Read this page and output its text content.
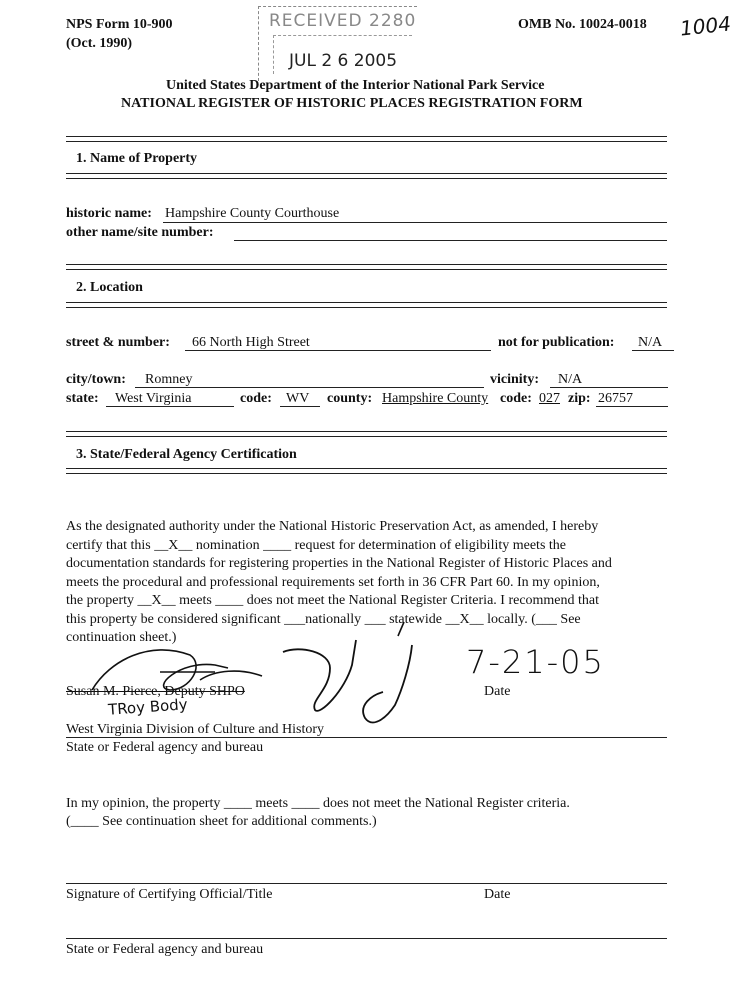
NPS Form 10-900
(Oct. 1990)
OMB No. 10024-0018 1004
RECEIVED 2280
JUL 2 6 2005
United States Department of the Interior National Park Service
NATIONAL REGISTER OF HISTORIC PLACES REGISTRATION FORM
1. Name of Property
historic name: Hampshire County Courthouse
other name/site number:
2. Location
street & number: 66 North High Street	not for publication: N/A
city/town: Romney	vicinity: N/A
state: West Virginia	code: WV county: Hampshire County code: 027 zip: 26757
3. State/Federal Agency Certification
As the designated authority under the National Historic Preservation Act, as amended, I hereby
certify that this __X__ nomination ____ request for determination of eligibility meets the
documentation standards for registering properties in the National Register of Historic Places and
meets the procedural and professional requirements set forth in 36 CFR Part 60. In my opinion,
the property __X__ meets ____ does not meet the National Register Criteria. I recommend that
this property be considered significant ___nationally ___ statewide __X__ locally. (___ See
continuation sheet.)
Susan M. Pierce, Deputy SHPO
TRoy Body
7-21-05
Date
West Virginia Division of Culture and History
State or Federal agency and bureau
In my opinion, the property ____ meets ____ does not meet the National Register criteria.
(____ See continuation sheet for additional comments.)
Signature of Certifying Official/Title	Date
State or Federal agency and bureau
